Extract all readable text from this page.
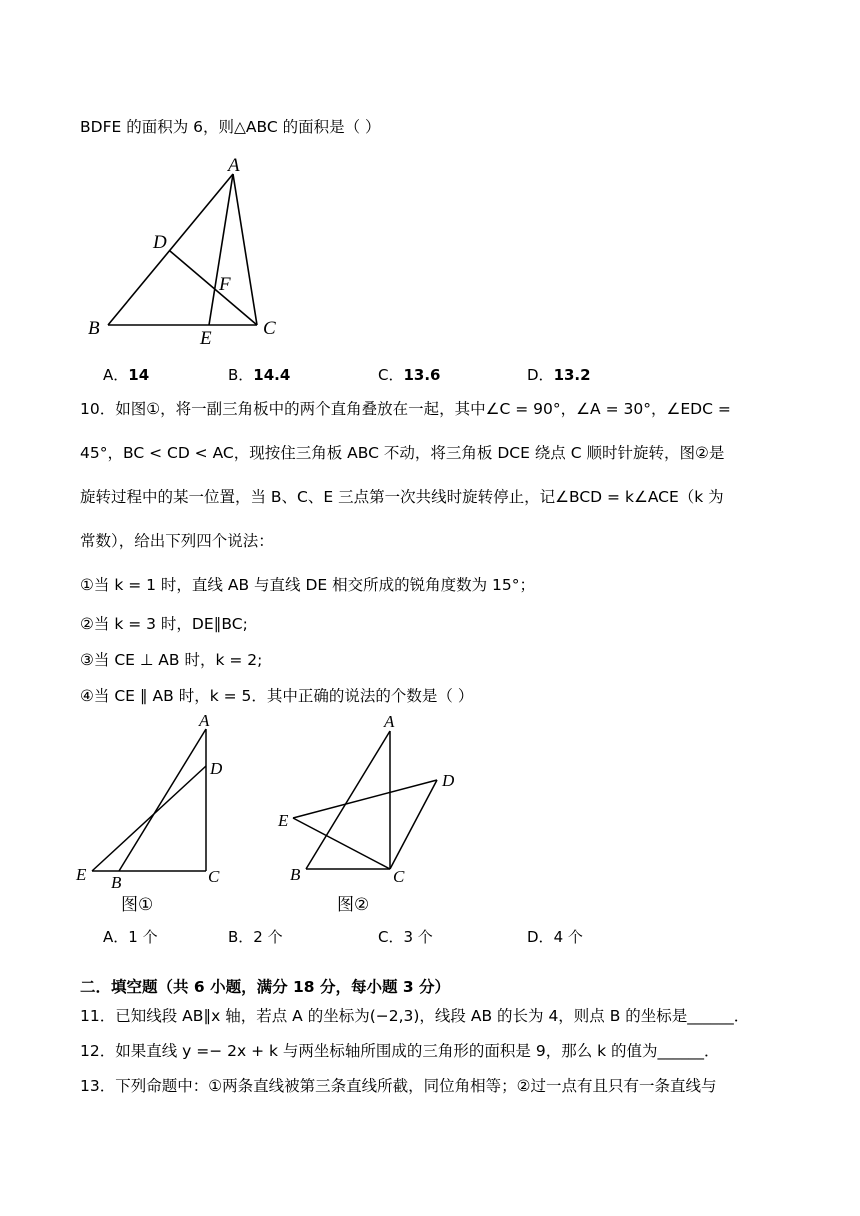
BDFE 的面积为 6，则△ABC 的面积是（ ）
A
B	C
D
E
F
A
D
E B	C
图①
A
D
E
B	C
图②
A．14	B．14.4	C．13.6	D．13.2
10．如图①，将一副三角板中的两个直角叠放在一起，其中∠C = 90°，∠A = 30°，∠EDC =
45°，BC < CD < AC，现按住三角板 ABC 不动，将三角板 DCE 绕点 C 顺时针旋转，图②是
旋转过程中的某一位置，当 B、C、E 三点第一次共线时旋转停止，记∠BCD = k∠ACE（k 为
常数），给出下列四个说法：
①当 k = 1 时，直线 AB 与直线 DE 相交所成的锐角度数为 15°；
②当 k = 3 时，DE∥BC;
③当 CE ⊥ AB 时，k = 2;
④当 CE ∥ AB 时，k = 5．其中正确的说法的个数是（ ）
A．1 个	B．2 个	C．3 个	D．4 个
二．填空题（共 6 小题，满分 18 分，每小题 3 分）
11．已知线段 AB∥x 轴，若点 A 的坐标为(−2,3)，线段 AB 的长为 4，则点 B 的坐标是______．
12．如果直线 y =− 2x + k 与两坐标轴所围成的三角形的面积是 9，那么 k 的值为______．
13．下列命题中：①两条直线被第三条直线所截，同位角相等；②过一点有且只有一条直线与
